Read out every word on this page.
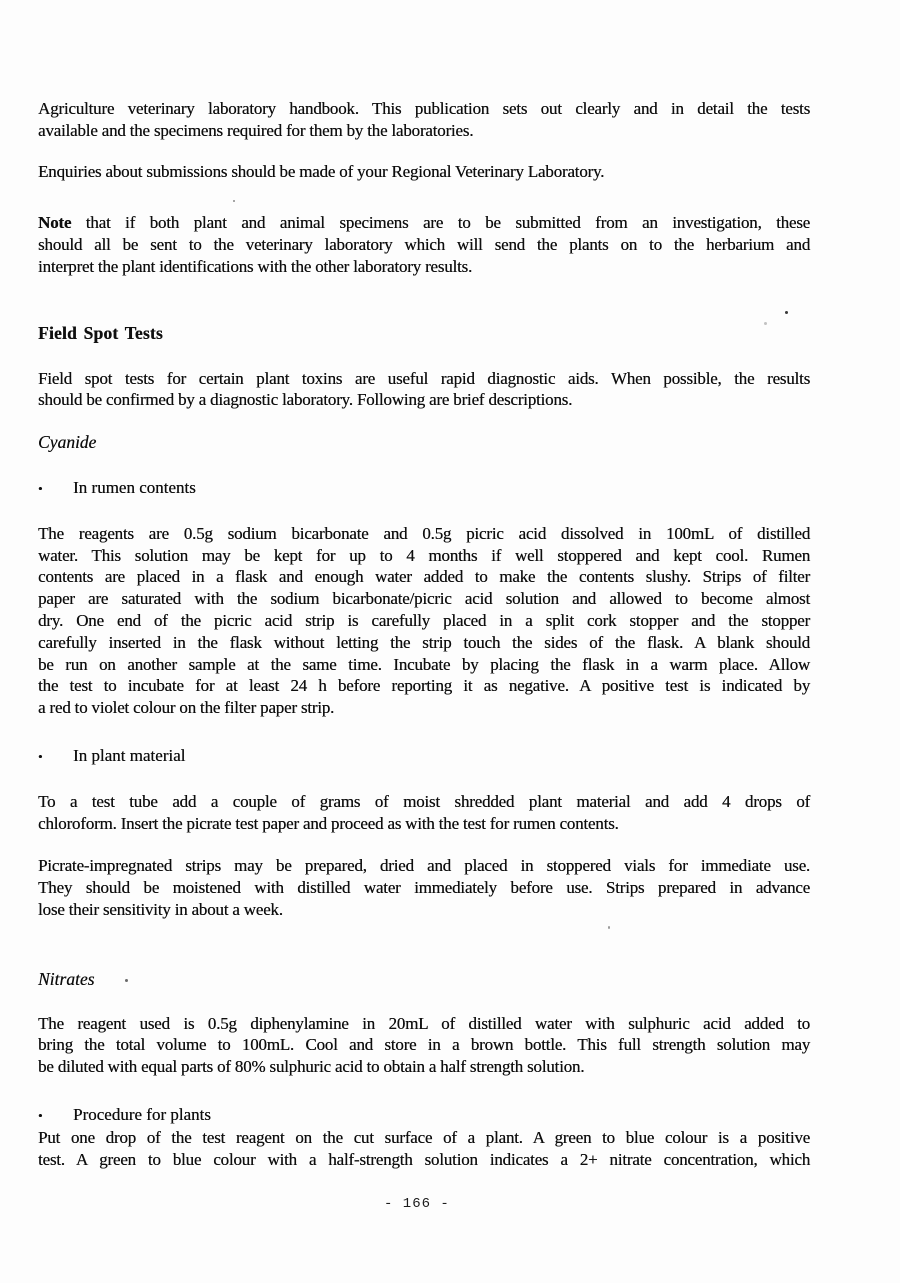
Agriculture veterinary laboratory handbook. This publication sets out clearly and in detail the tests
available and the specimens required for them by the laboratories.
Enquiries about submissions should be made of your Regional Veterinary Laboratory.
Note that if both plant and animal specimens are to be submitted from an investigation, these
should all be sent to the veterinary laboratory which will send the plants on to the herbarium and
interpret the plant identifications with the other laboratory results.
Field Spot Tests
Field spot tests for certain plant toxins are useful rapid diagnostic aids. When possible, the results
should be confirmed by a diagnostic laboratory. Following are brief descriptions.
Cyanide
•	In rumen contents
The reagents are 0.5g sodium bicarbonate and 0.5g picric acid dissolved in 100mL of distilled
water. This solution may be kept for up to 4 months if well stoppered and kept cool. Rumen
contents are placed in a flask and enough water added to make the contents slushy. Strips of filter
paper are saturated with the sodium bicarbonate/picric acid solution and allowed to become almost
dry. One end of the picric acid strip is carefully placed in a split cork stopper and the stopper
carefully inserted in the flask without letting the strip touch the sides of the flask. A blank should
be run on another sample at the same time. Incubate by placing the flask in a warm place. Allow
the test to incubate for at least 24 h before reporting it as negative. A positive test is indicated by
a red to violet colour on the filter paper strip.
•	In plant material
To a test tube add a couple of grams of moist shredded plant material and add 4 drops of
chloroform. Insert the picrate test paper and proceed as with the test for rumen contents.
Picrate-impregnated strips may be prepared, dried and placed in stoppered vials for immediate use.
They should be moistened with distilled water immediately before use. Strips prepared in advance
lose their sensitivity in about a week.
Nitrates
The reagent used is 0.5g diphenylamine in 20mL of distilled water with sulphuric acid added to
bring the total volume to 100mL. Cool and store in a brown bottle. This full strength solution may
be diluted with equal parts of 80% sulphuric acid to obtain a half strength solution.
•	Procedure for plants
Put one drop of the test reagent on the cut surface of a plant. A green to blue colour is a positive
test. A green to blue colour with a half-strength solution indicates a 2+ nitrate concentration, which
- 166 -
